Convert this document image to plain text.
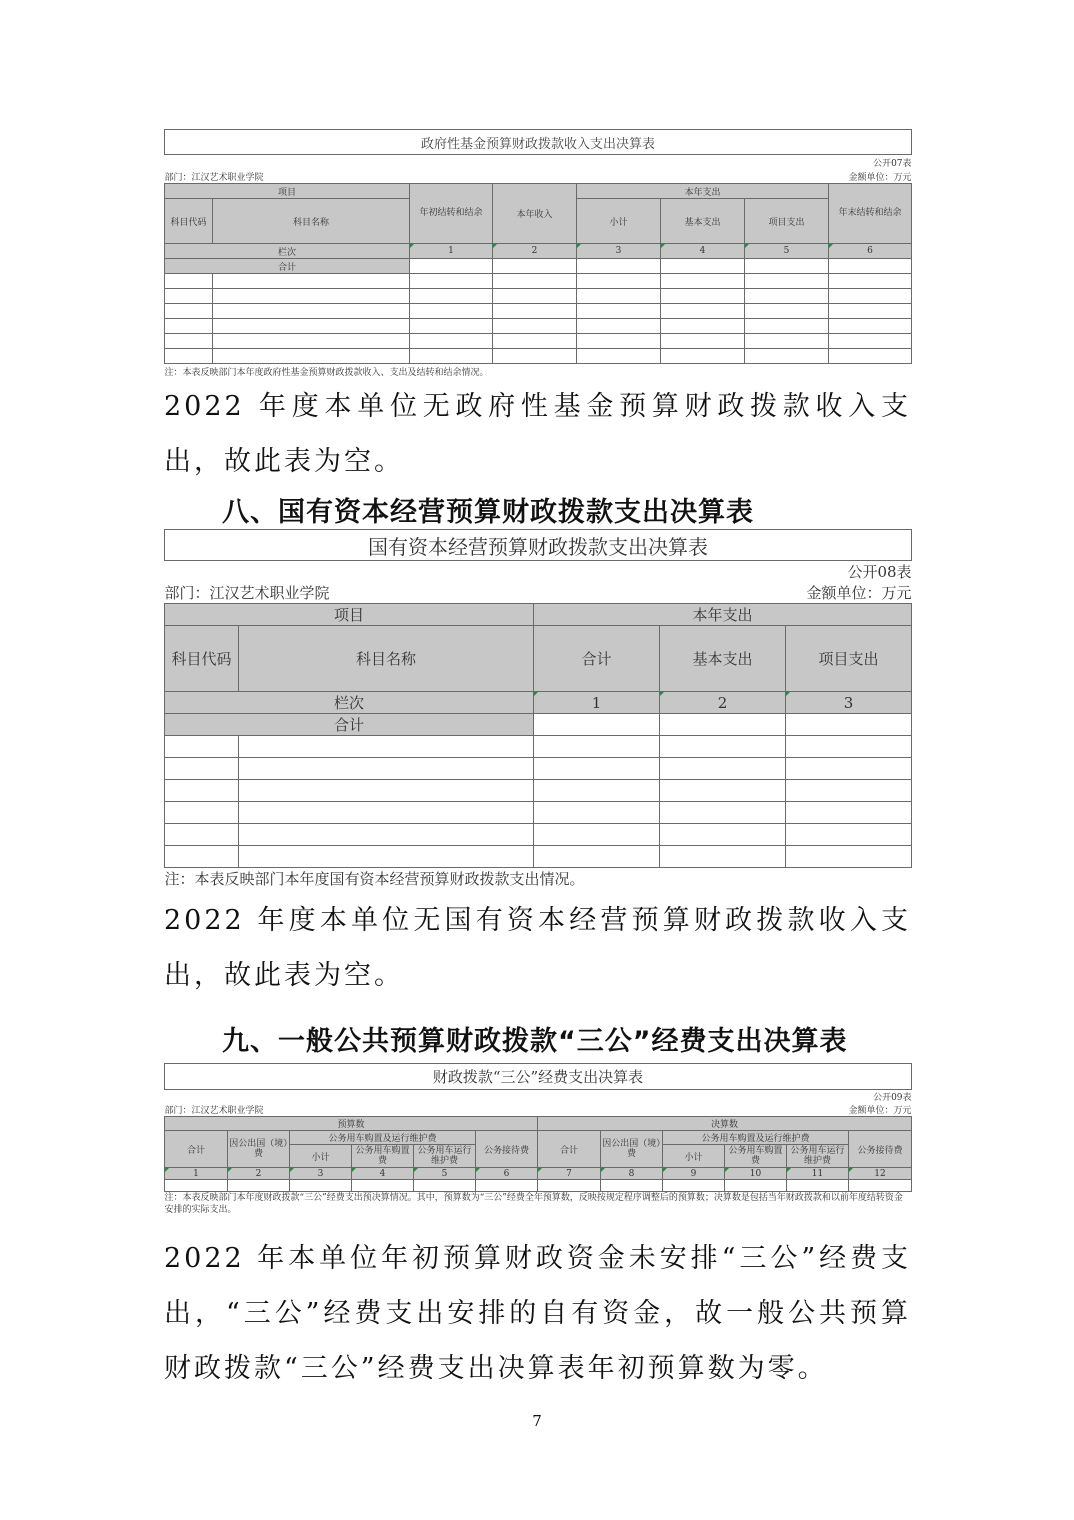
政府性基金预算财政拨款收入支出决算表							
公开07表							
部门：江汉艺术职业学院				金额单位：万元			
项目		年初结转和结余	本年收入	本年支出			年末结转和结余
科目代码	科目名称			小计	基本支出	项目支出	
栏次		1	2	3	4	5	6
合计							

注：本表反映部门本年度政府性基金预算财政拨款收入、支出及结转和结余情况。							
2022 年度本单位无政府性基金预算财政拨款收入支出，故此表为空。
八、国有资本经营预算财政拨款支出决算表
国有资本经营预算财政拨款支出决算表				
公开08表				
部门：江汉艺术职业学院			金额单位：万元	
项目		本年支出		
科目代码	科目名称	合计	基本支出	项目支出
栏次		1	2	3
合计				

注：本表反映部门本年度国有资本经营预算财政拨款支出情况。				
2022 年度本单位无国有资本经营预算财政拨款收入支出，故此表为空。
九、一般公共预算财政拨款“三公”经费支出决算表
财政拨款“三公”经费支出决算表											
公开09表											
部门：江汉艺术职业学院						金额单位：万元					
预算数						决算数					
合计	因公出国（境）费	公务用车购置及运行维护费			公务接待费	合计	因公出国（境）费	公务用车购置及运行维护费			公务接待费
		小计	公务用车购置费	公务用车运行维护费				小计	公务用车购置费	公务用车运行维护费	
1	2	3	4	5	6	7	8	9	10	11	12

注：本表反映部门本年度财政拨款“三公”经费支出预决算情况。其中，预算数为“三公”经费全年预算数，反映按规定程序调整后的预算数；决算数是包括当年财政拨款和以前年度结转资金安排的实际支出。											
2022 年本单位年初预算财政资金未安排“三公”经费支出，“三公”经费支出安排的自有资金，故一般公共预算财政拨款“三公”经费支出决算表年初预算数为零。
7
